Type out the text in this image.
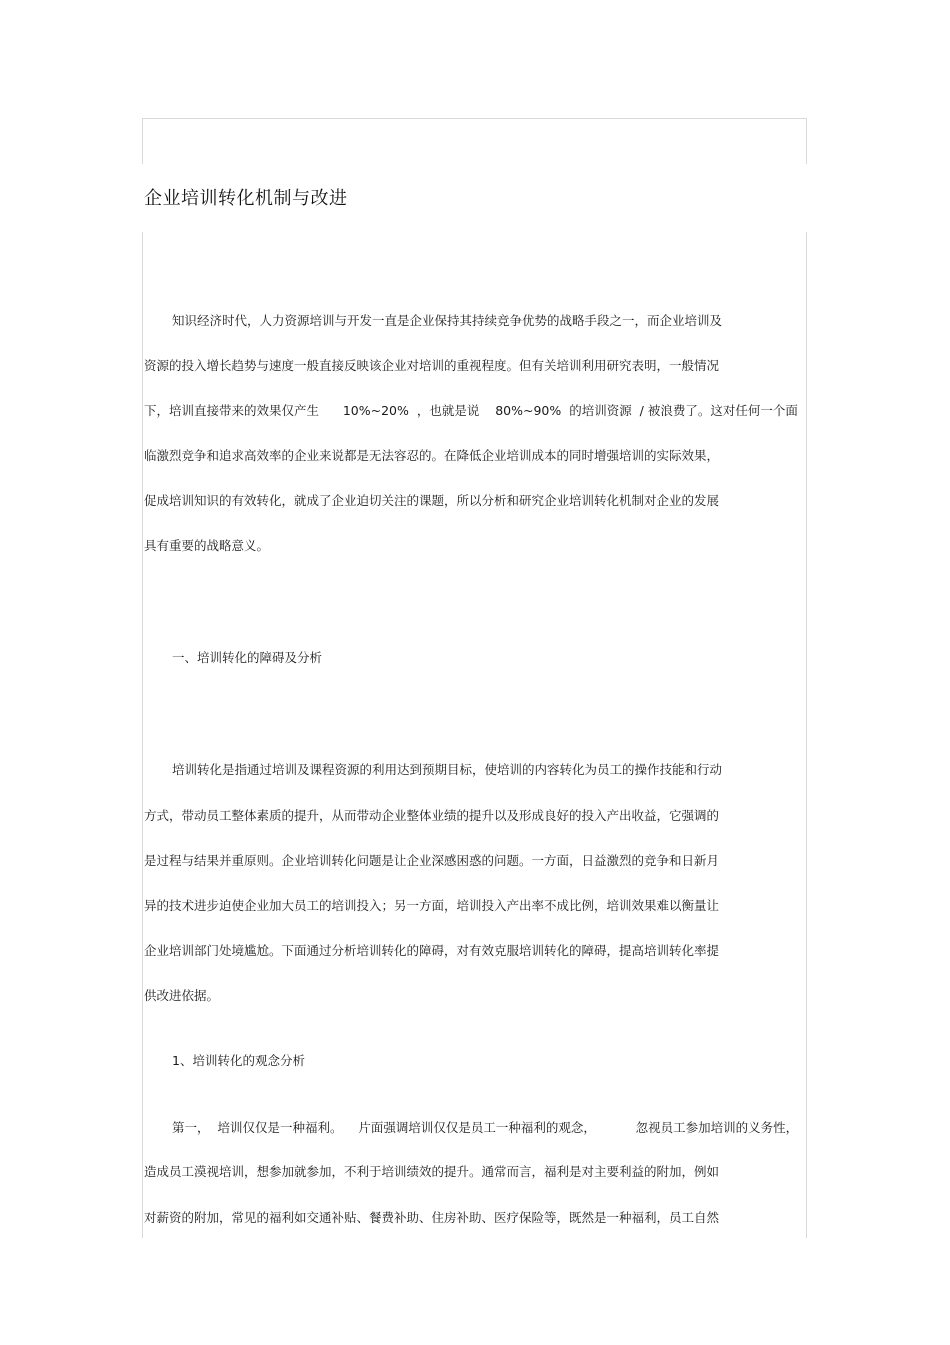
企业培训转化机制与改进
知识经济时代，人力资源培训与开发一直是企业保持其持续竞争优势的战略手段之一，而企业培训及
资源的投入增长趋势与速度一般直接反映该企业对培训的重视程度。但有关培训利用研究表明，一般情况
下，培训直接带来的效果仅产生      10%~20%  ，也就是说    80%~90%  的培训资源  / 被浪费了。这对任何一个面
临激烈竞争和追求高效率的企业来说都是无法容忍的。在降低企业培训成本的同时增强培训的实际效果，
促成培训知识的有效转化，就成了企业迫切关注的课题，所以分析和研究企业培训转化机制对企业的发展
具有重要的战略意义。
一、培训转化的障碍及分析
培训转化是指通过培训及课程资源的利用达到预期目标，使培训的内容转化为员工的操作技能和行动
方式，带动员工整体素质的提升，从而带动企业整体业绩的提升以及形成良好的投入产出收益，它强调的
是过程与结果并重原则。企业培训转化问题是让企业深感困惑的问题。一方面，日益激烈的竞争和日新月
异的技术进步迫使企业加大员工的培训投入；另一方面，培训投入产出率不成比例，培训效果难以衡量让
企业培训部门处境尴尬。下面通过分析培训转化的障碍，对有效克服培训转化的障碍，提高培训转化率提
供改进依据。
1、培训转化的观念分析
第一，  培训仅仅是一种福利。    片面强调培训仅仅是员工一种福利的观念，          忽视员工参加培训的义务性，
造成员工漠视培训，想参加就参加，不利于培训绩效的提升。通常而言，福利是对主要利益的附加，例如
对薪资的附加，常见的福利如交通补贴、餐费补助、住房补助、医疗保险等，既然是一种福利，员工自然
